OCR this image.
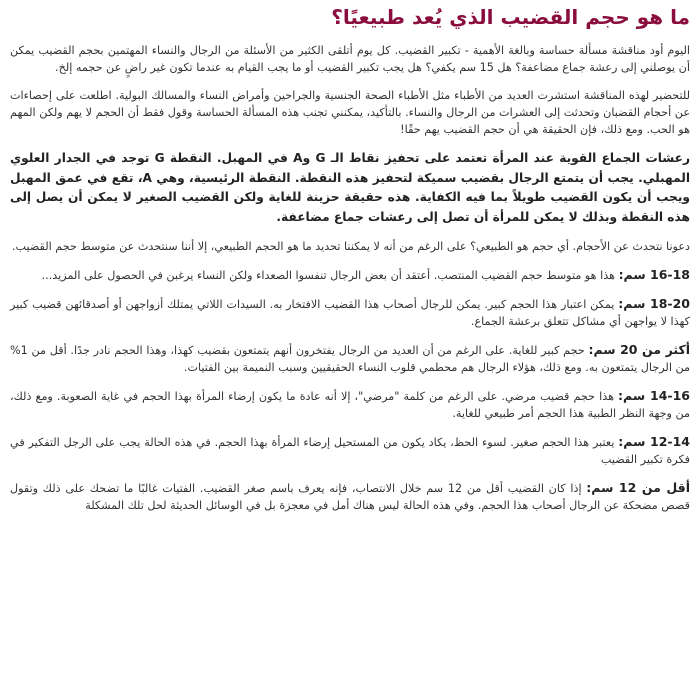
ما هو حجم القضيب الذي يُعد طبيعيًا؟

اليوم أود مناقشة مسألة حساسة وبالغة الأهمية - تكبير القضيب. كل يوم أتلقى الكثير من الأسئلة من الرجال والنساء المهتمين بحجم القضيب يمكن أن يوصلني إلى رعشة جماع مضاعفة؟ هل 15 سم يكفي؟ هل يجب تكبير القضيب أو ما يجب القيام به عندما تكون غير راضٍ عن حجمه إلخ.

للتحضير لهذه المناقشة استشرت العديد من الأطباء مثل الأطباء الصحة الجنسية والجراحين وأمراض النساء والمسالك البولية. اطلعت على إحصاءات عن أحجام القضبان وتحدثت إلى العشرات من الرجال والنساء. بالتأكيد، يمكنني تجنب هذه المسألة الحساسة وقول فقط أن الحجم لا يهم ولكن المهم هو الحب. ومع ذلك، فإن الحقيقة هي أن حجم القضيب يهم حقًا!

رعشات الجماع القوية عند المرأة تعتمد على تحفيز نقاط الـ G وA في المهبل. النقطة G توجد في الجدار العلوي المهبلي. يجب أن يتمتع الرجال بقضيب سميكة لتحفيز هذه النقطة. النقطة الرئيسية، وهي A، تقع في عمق المهبل ويجب أن يكون القضيب طويلاً بما فيه الكفاية. هذه حقيقة حزينة للغاية ولكن القضيب الصغير لا يمكن أن يصل إلى هذه النقطة وبذلك لا يمكن للمرأة أن تصل إلى رعشات جماع مضاعفة.

دعونا نتحدث عن الأحجام. أي حجم هو الطبيعي؟ على الرغم من أنه لا يمكننا تحديد ما هو الحجم الطبيعي، إلا أننا سنتحدث عن متوسط حجم القضيب.

16-18 سم: هذا هو متوسط حجم القضيب المنتصب. أعتقد أن بعض الرجال تنفسوا الصعداء ولكن النساء يرغبن في الحصول على المزيد...

18-20 سم: يمكن اعتبار هذا الحجم كبير. يمكن للرجال أصحاب هذا القضيب الافتخار به. السيدات اللاتي يمتلك أزواجهن أو أصدقائهن قضيب كبير كهذا لا يواجهن أي مشاكل تتعلق برعشة الجماع.

أكثر من 20 سم: حجم كبير للغاية. على الرغم من أن العديد من الرجال يفتخرون أنهم يتمتعون بقضيب كهذا، وهذا الحجم نادر جدًا. أقل من 1% من الرجال يتمتعون به. ومع ذلك، هؤلاء الرجال هم محطمي قلوب النساء الحقيقيين وسبب النميمة بين الفتيات.

14-16 سم: هذا حجم قضيب مرضي. على الرغم من كلمة "مرضي"، إلا أنه عادة ما يكون إرضاء المرأة بهذا الحجم في غاية الصعوبة. ومع ذلك، من وجهة النظر الطبية هذا الحجم أمر طبيعي للغاية.

12-14 سم: يعتبر هذا الحجم صغير. لسوء الحظ، يكاد يكون من المستحيل إرضاء المرأة بهذا الحجم. في هذه الحالة يجب على الرجل التفكير في فكرة تكبير القضيب

أقل من 12 سم: إذا كان القضيب أقل من 12 سم خلال الانتصاب، فإنه يعرف باسم صغر القضيب. الفتيات غالبًا ما تضحك على ذلك وتقول قصص مضحكة عن الرجال أصحاب هذا الحجم. وفي هذه الحالة ليس هناك أمل في معجزة بل في الوسائل الحديثة لحل تلك المشكلة
